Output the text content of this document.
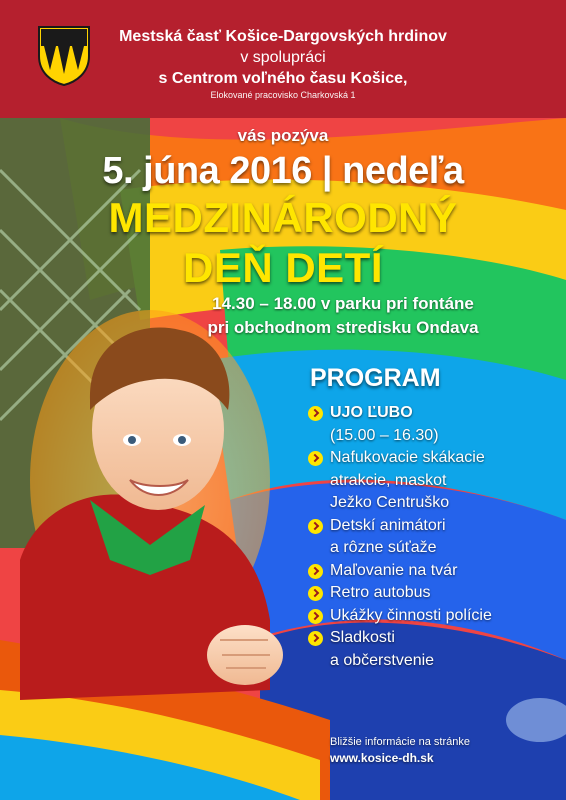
Mestská časť Košice-Dargovských hrdinov
v spolupráci
s Centrom voľného času Košice,
Elokované pracovisko Charkovská 1
vás pozýva
5. júna 2016 | nedeľa
MEDZINÁRODNÝ
DEŇ DETÍ
14.30 – 18.00 v parku pri fontáne
pri obchodnom stredisku Ondava
PROGRAM
UJO ĽUBO
(15.00 – 16.30)
Nafukovacie skákacie
atrakcie, maskot
Ježko Centruško
Detskí animátori
a rôzne súťaže
Maľovanie na tvár
Retro autobus
Ukážky činnosti polície
Sladkosti
a občerstvenie
Bližšie informácie na stránke
www.kosice-dh.sk
